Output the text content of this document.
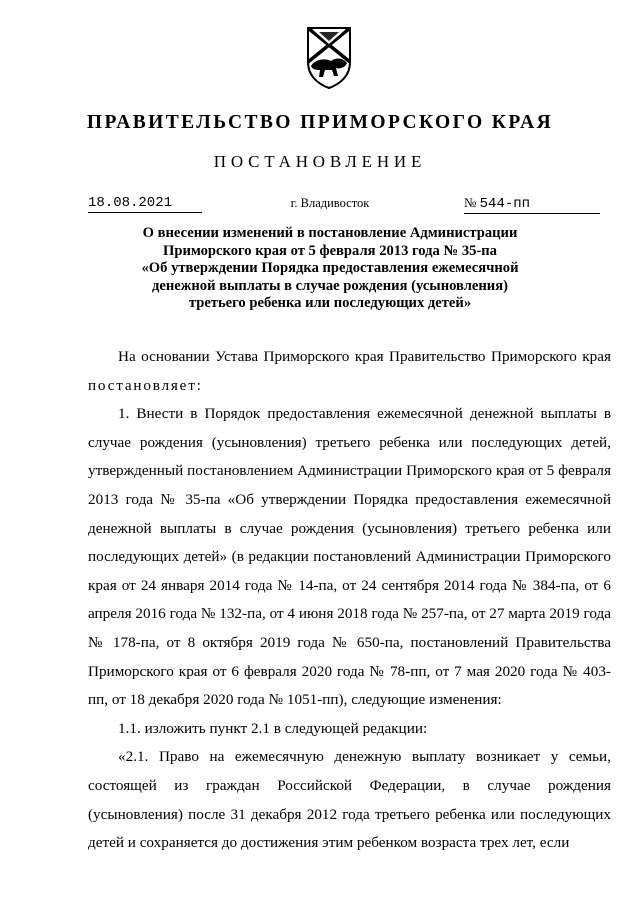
ПРАВИТЕЛЬСТВО ПРИМОРСКОГО КРАЯ
ПОСТАНОВЛЕНИЕ
18.08.2021	г. Владивосток	№ 544-пп
О внесении изменений в постановление Администрации
Приморского края от 5 февраля 2013 года № 35-па
«Об утверждении Порядка предоставления ежемесячной
денежной выплаты в случае рождения (усыновления)
третьего ребенка или последующих детей»

На основании Устава Приморского края Правительство Приморского края постановляет:

1. Внести в Порядок предоставления ежемесячной денежной выплаты в случае рождения (усыновления) третьего ребенка или последующих детей, утвержденный постановлением Администрации Приморского края от 5 февраля 2013 года № 35-па «Об утверждении Порядка предоставления ежемесячной денежной выплаты в случае рождения (усыновления) третьего ребенка или последующих детей» (в редакции постановлений Администрации Приморского края от 24 января 2014 года № 14-па, от 24 сентября 2014 года № 384-па, от 6 апреля 2016 года № 132-па, от 4 июня 2018 года № 257-па, от 27 марта 2019 года № 178-па, от 8 октября 2019 года № 650-па, постановлений Правительства Приморского края от 6 февраля 2020 года № 78-пп, от 7 мая 2020 года № 403-пп, от 18 декабря 2020 года № 1051-пп), следующие изменения:

1.1. изложить пункт 2.1 в следующей редакции:

«2.1. Право на ежемесячную денежную выплату возникает у семьи, состоящей из граждан Российской Федерации, в случае рождения (усыновления) после 31 декабря 2012 года третьего ребенка или последующих детей и сохраняется до достижения этим ребенком возраста трех лет, если
